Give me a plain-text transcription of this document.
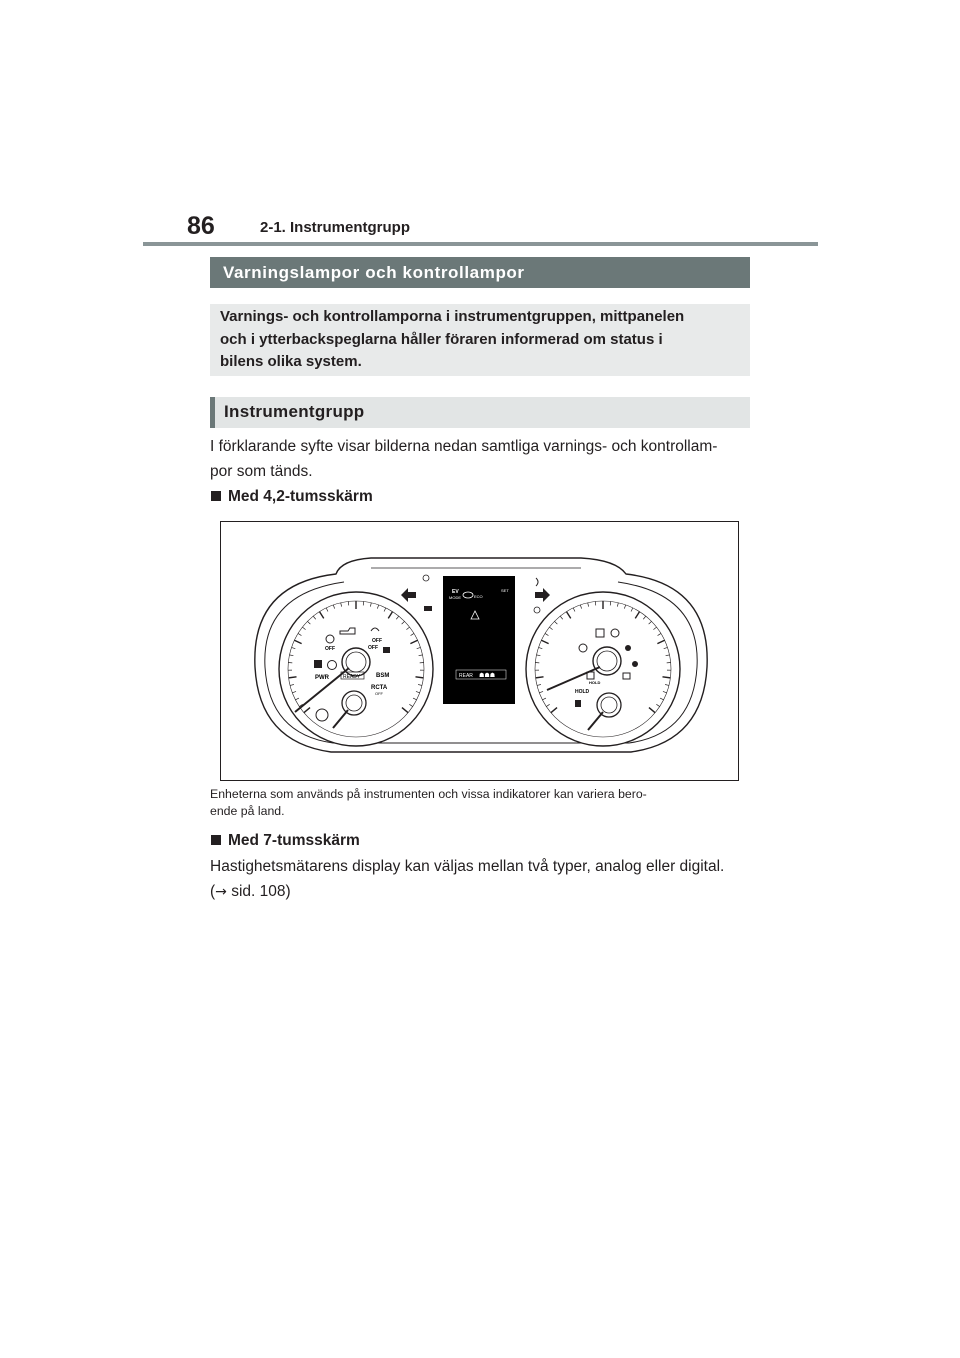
86	2-1. Instrumentgrupp
Varningslampor och kontrollampor
Varnings- och kontrollamporna i instrumentgruppen, mittpanelen
och i ytterbackspeglarna håller föraren informerad om status i
bilens olika system.
Instrumentgrupp
I förklarande syfte visar bilderna nedan samtliga varnings- och kontrollam-
por som tänds.
Med 4,2-tumsskärm
OFF
OFF
OFF
PWR	READY	BSM
RCTA
OFF
EV
MODE	ECO
SET
REAR ☗☗☗
HOLD
HOLD
Enheterna som används på instrumenten och vissa indikatorer kan variera bero-
ende på land.
Med 7-tumsskärm
Hastighetsmätarens display kan väljas mellan två typer, analog eller digital.
(→ sid. 108)
